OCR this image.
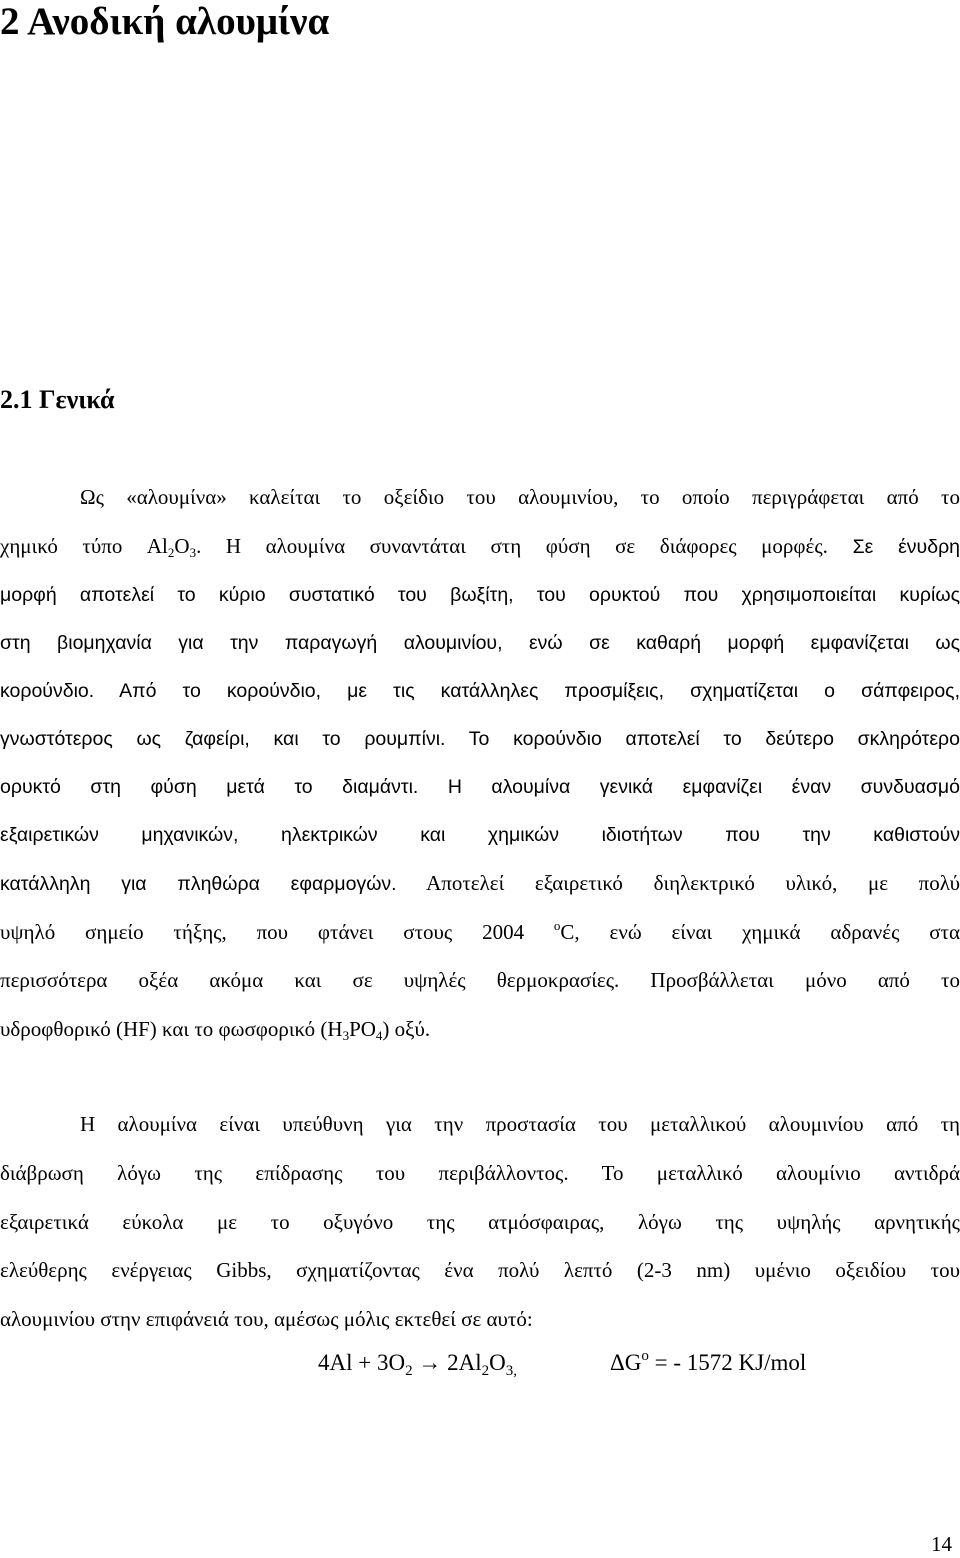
2 Ανοδική αλουμίνα
2.1 Γενικά
Ως «αλουμίνα» καλείται το οξείδιο του αλουμινίου, το οποίο περιγράφεται από το
χημικό τύπο $Al_2O_3$. Η αλουμίνα συναντάται στη φύση σε διάφορες μορφές. Σε ένυδρη
μορφή αποτελεί το κύριο συστατικό του βωξίτη, του ορυκτού που χρησιμοποιείται κυρίως
στη βιομηχανία για την παραγωγή αλουμινίου, ενώ σε καθαρή μορφή εμφανίζεται ως
κορούνδιο. Από το κορούνδιο, με τις κατάλληλες προσμίξεις, σχηματίζεται ο σάπφειρος,
γνωστότερος ως ζαφείρι, και το ρουμπίνι. Το κορούνδιο αποτελεί το δεύτερο σκληρότερο
ορυκτό στη φύση μετά το διαμάντι. Η αλουμίνα γενικά εμφανίζει έναν συνδυασμό
εξαιρετικών μηχανικών, ηλεκτρικών και χημικών ιδιοτήτων που την καθιστούν
κατάλληλη για πληθώρα εφαρμογών. Αποτελεί εξαιρετικό διηλεκτρικό υλικό, με πολύ
υψηλό σημείο τήξης, που φτάνει στους 2004 $^o$C, ενώ είναι χημικά αδρανές στα
περισσότερα οξέα ακόμα και σε υψηλές θερμοκρασίες. Προσβάλλεται μόνο από το
υδροφθορικό (HF) και το φωσφορικό $(H_3PO_4)$ οξύ.
Η αλουμίνα είναι υπεύθυνη για την προστασία του μεταλλικού αλουμινίου από τη
διάβρωση λόγω της επίδρασης του περιβάλλοντος. Το μεταλλικό αλουμίνιο αντιδρά
εξαιρετικά εύκολα με το οξυγόνο της ατμόσφαιρας, λόγω της υψηλής αρνητικής
ελεύθερης ενέργειας Gibbs, σχηματίζοντας ένα πολύ λεπτό (2-3 nm) υμένιο οξειδίου του
αλουμινίου στην επιφάνειά του, αμέσως μόλις εκτεθεί σε αυτό:
$4Al + 3O_2 \to 2Al_2O_{3,}$	$\Delta G^o$ = - 1572 KJ/mol
14
